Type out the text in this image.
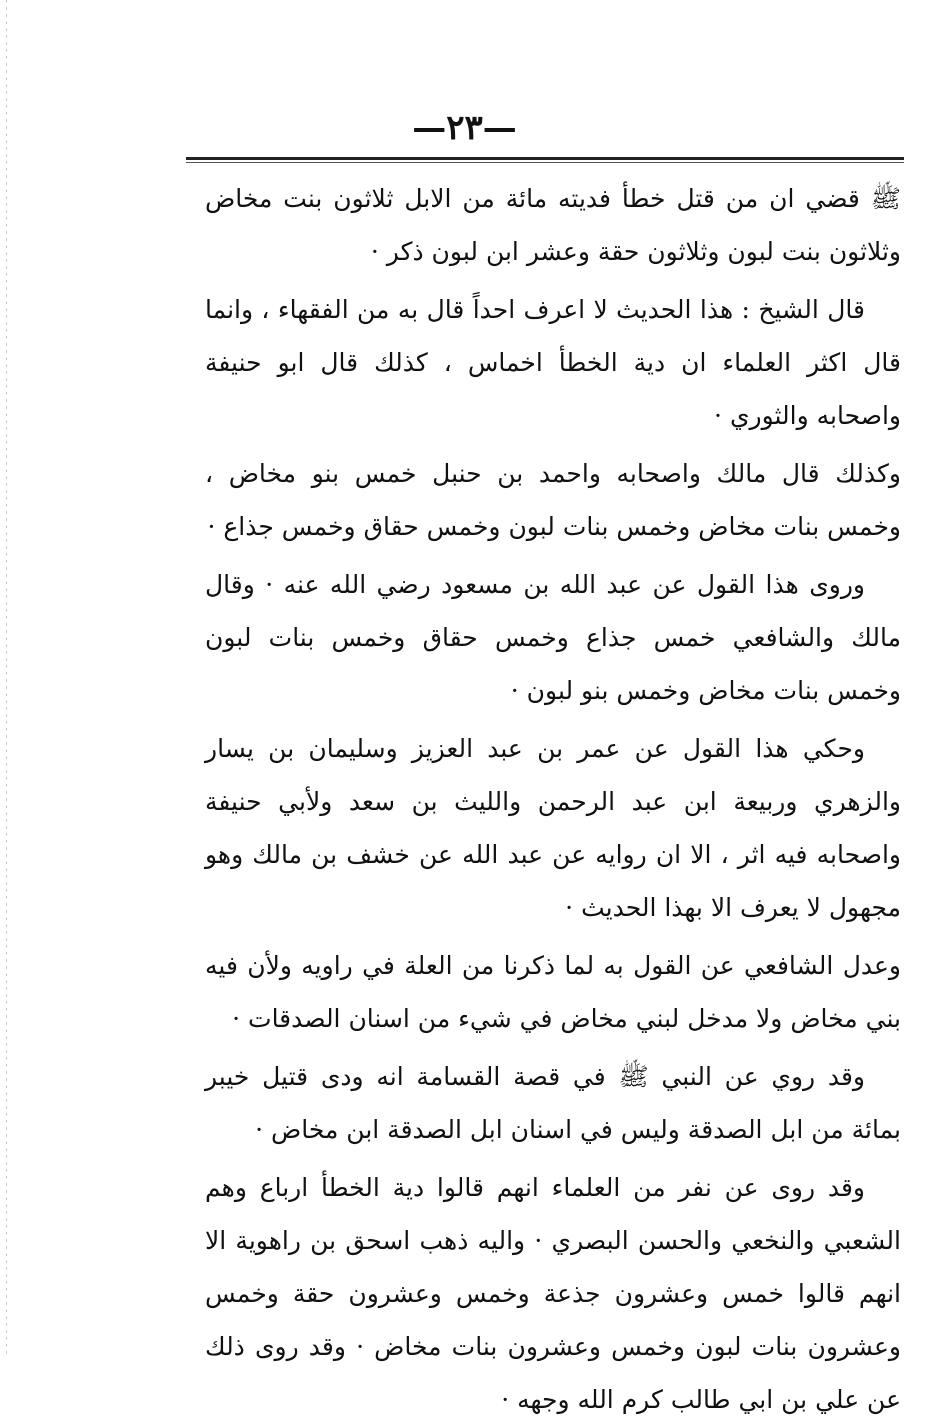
—٢٣—

ﷺ قضي ان من قتل خطأ فديته مائة من الابل ثلاثون بنت مخاض وثلاثون بنت لبون وثلاثون حقة وعشر ابن لبون ذكر ·

قال الشيخ : هذا الحديث لا اعرف احداً قال به من الفقهاء ، وانما قال اكثر العلماء ان دية الخطأ اخماس ، كذلك قال ابو حنيفة واصحابه والثوري ·

وكذلك قال مالك واصحابه واحمد بن حنبل خمس بنو مخاض ، وخمس بنات مخاض وخمس بنات لبون وخمس حقاق وخمس جذاع ·

وروى هذا القول عن عبد الله بن مسعود رضي الله عنه · وقال مالك والشافعي خمس جذاع وخمس حقاق وخمس بنات لبون وخمس بنات مخاض وخمس بنو لبون ·

وحكي هذا القول عن عمر بن عبد العزيز وسليمان بن يسار والزهري وربيعة ابن عبد الرحمن والليث بن سعد ولأبي حنيفة واصحابه فيه اثر ، الا ان روايه عن عبد الله عن خشف بن مالك وهو مجهول لا يعرف الا بهذا الحديث ·

وعدل الشافعي عن القول به لما ذكرنا من العلة في راويه ولأن فيه بني مخاض ولا مدخل لبني مخاض في شيء من اسنان الصدقات ·

وقد روي عن النبي ﷺ في قصة القسامة انه ودى قتيل خيبر بمائة من ابل الصدقة وليس في اسنان ابل الصدقة ابن مخاض ·

وقد روى عن نفر من العلماء انهم قالوا دية الخطأ ارباع وهم الشعبي والنخعي والحسن البصري · واليه ذهب اسحق بن راهوية الا انهم قالوا خمس وعشرون جذعة وخمس وعشرون حقة وخمس وعشرون بنات لبون وخمس وعشرون بنات مخاض · وقد روى ذلك عن علي بن ابي طالب كرم الله وجهه ·
